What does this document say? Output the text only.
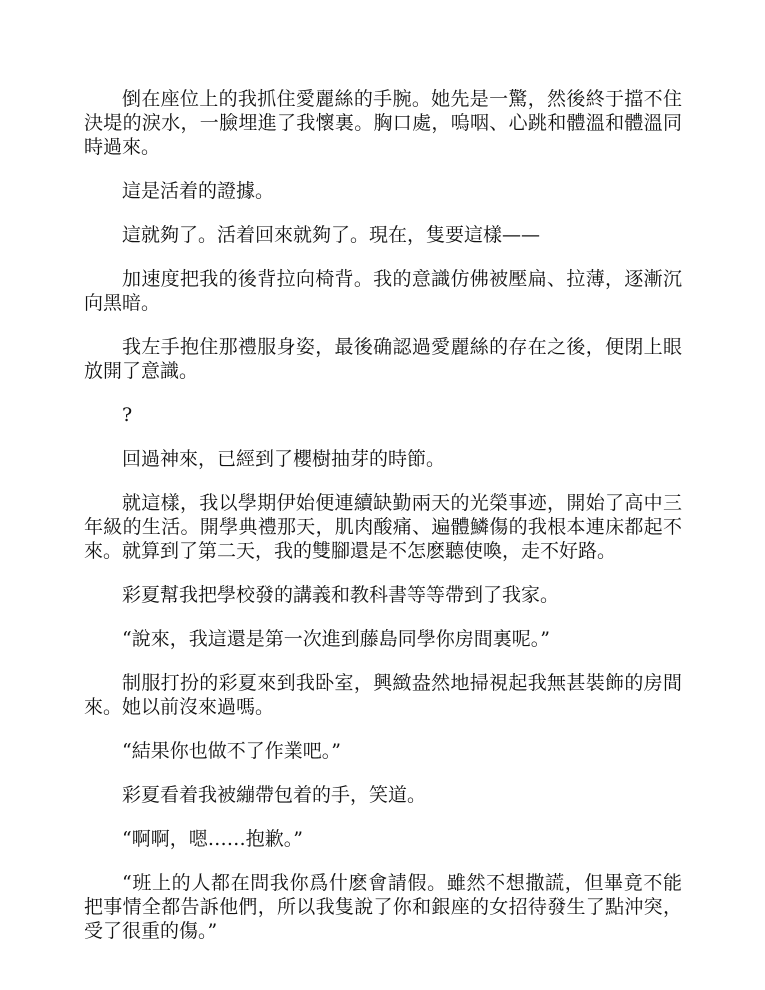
倒在座位上的我抓住愛麗絲的手腕。她先是一驚，然後終于擋不住決堤的淚水，一臉埋進了我懷裏。胸口處，嗚咽、心跳和體溫和體溫同時過來。

這是活着的證據。

這就夠了。活着回來就夠了。現在，隻要這樣——

加速度把我的後背拉向椅背。我的意識仿佛被壓扁、拉薄，逐漸沉向黑暗。

我左手抱住那禮服身姿，最後确認過愛麗絲的存在之後，便閉上眼放開了意識。

?

回過神來，已經到了櫻樹抽芽的時節。

就這樣，我以學期伊始便連續缺勤兩天的光榮事迹，開始了高中三年級的生活。開學典禮那天，肌肉酸痛、遍體鱗傷的我根本連床都起不來。就算到了第二天，我的雙腳還是不怎麽聽使喚，走不好路。

彩夏幫我把學校發的講義和教科書等等帶到了我家。

“說來，我這還是第一次進到藤島同學你房間裏呢。”

制服打扮的彩夏來到我卧室，興緻盎然地掃視起我無甚裝飾的房間來。她以前沒來過嗎。

“結果你也做不了作業吧。”

彩夏看着我被繃帶包着的手，笑道。

“啊啊，嗯……抱歉。”

“班上的人都在問我你爲什麽會請假。雖然不想撒謊，但畢竟不能把事情全都告訴他們，所以我隻說了你和銀座的女招待發生了點沖突，受了很重的傷。”
